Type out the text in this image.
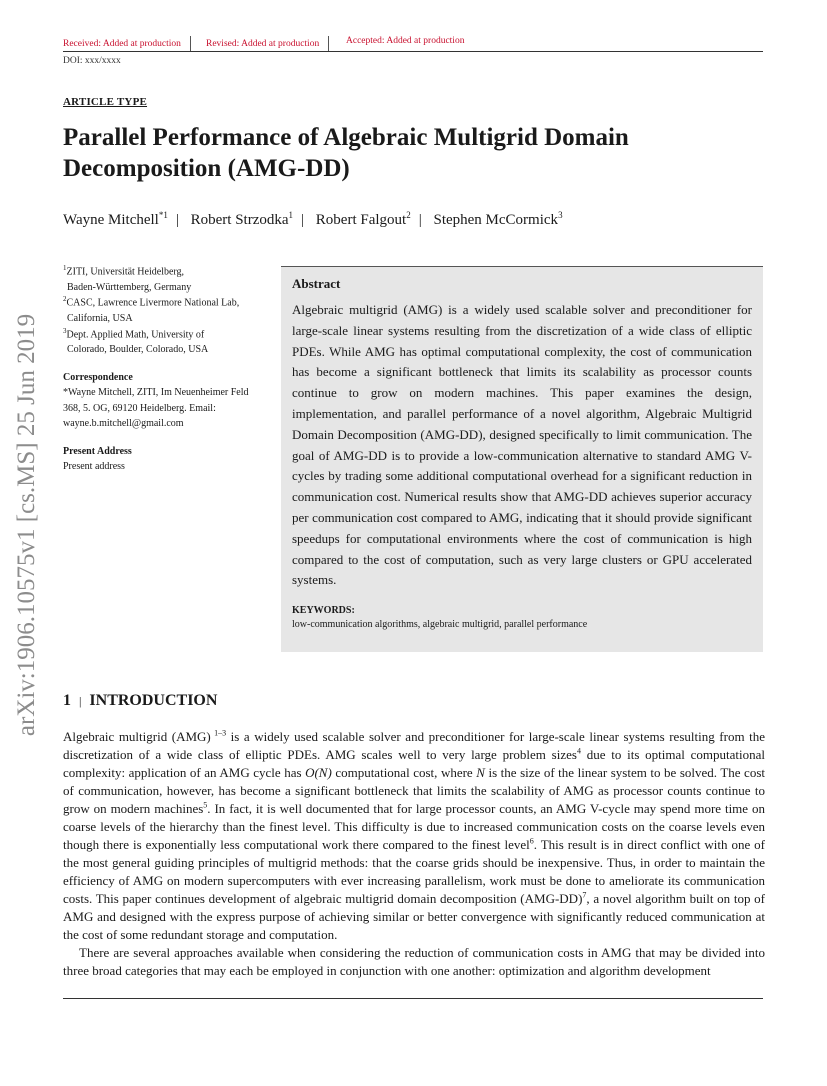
Received: Added at production	Revised: Added at production	Accepted: Added at production
DOI: xxx/xxxx
ARTICLE TYPE
Parallel Performance of Algebraic Multigrid Domain Decomposition (AMG-DD)
Wayne Mitchell$^{*1}$ | Robert Strzodka$^1$ | Robert Falgout$^2$ | Stephen McCormick$^3$
$^1$ZITI, Universität Heidelberg,
Baden-Württemberg, Germany
$^2$CASC, Lawrence Livermore National Lab,
California, USA
$^3$Dept. Applied Math, University of
Colorado, Boulder, Colorado, USA
Correspondence
*Wayne Mitchell, ZITI, Im Neuenheimer Feld 368, 5. OG, 69120 Heidelberg. Email: wayne.b.mitchell@gmail.com
Present Address
Present address
Abstract
Algebraic multigrid (AMG) is a widely used scalable solver and preconditioner for large-scale linear systems resulting from the discretization of a wide class of elliptic PDEs. While AMG has optimal computational complexity, the cost of communication has become a significant bottleneck that limits its scalability as processor counts continue to grow on modern machines. This paper examines the design, implementation, and parallel performance of a novel algorithm, Algebraic Multigrid Domain Decomposition (AMG-DD), designed specifically to limit communication. The goal of AMG-DD is to provide a low-communication alternative to standard AMG V-cycles by trading some additional computational overhead for a significant reduction in communication cost. Numerical results show that AMG-DD achieves superior accuracy per communication cost compared to AMG, indicating that it should provide significant speedups for computational environments where the cost of communication is high compared to the cost of computation, such as very large clusters or GPU accelerated systems.
KEYWORDS:
low-communication algorithms, algebraic multigrid, parallel performance
1 | INTRODUCTION

Algebraic multigrid (AMG) $^{1-3}$ is a widely used scalable solver and preconditioner for large-scale linear systems resulting from the discretization of a wide class of elliptic PDEs. AMG scales well to very large problem sizes$^4$ due to its optimal computational complexity: application of an AMG cycle has O(N) computational cost, where N is the size of the linear system to be solved. The cost of communication, however, has become a significant bottleneck that limits the scalability of AMG as processor counts continue to grow on modern machines$^5$. In fact, it is well documented that for large processor counts, an AMG V-cycle may spend more time on coarse levels of the hierarchy than the finest level. This difficulty is due to increased communication costs on the coarse levels even though there is exponentially less computational work there compared to the finest level$^6$. This result is in direct conflict with one of the most general guiding principles of multigrid methods: that the coarse grids should be inexpensive. Thus, in order to maintain the efficiency of AMG on modern supercomputers with ever increasing parallelism, work must be done to ameliorate its communication costs. This paper continues development of algebraic multigrid domain decomposition $(AMG-DD)^7$, a novel algorithm built on top of AMG and designed with the express purpose of achieving similar or better convergence with significantly reduced communication at the cost of some redundant storage and computation.

There are several approaches available when considering the reduction of communication costs in AMG that may be divided into three broad categories that may each be employed in conjunction with one another: optimization and algorithm development

arXiv:1906.10575v1 [cs.MS] 25 Jun 2019
